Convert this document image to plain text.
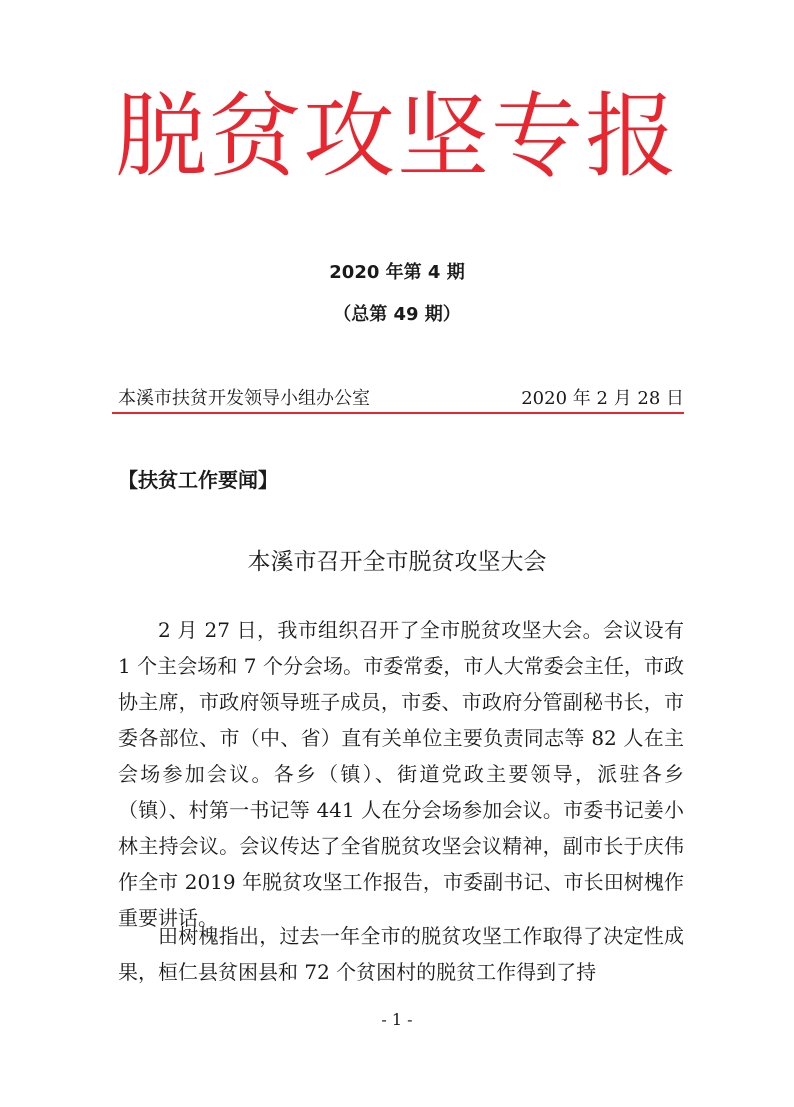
脱贫攻坚专报
2020 年第 4 期
（总第 49 期）
本溪市扶贫开发领导小组办公室	2020 年 2 月 28 日
【扶贫工作要闻】
本溪市召开全市脱贫攻坚大会

2 月 27 日，我市组织召开了全市脱贫攻坚大会。会议设有 1 个主会场和 7 个分会场。市委常委，市人大常委会主任，市政协主席，市政府领导班子成员，市委、市政府分管副秘书长，市委各部位、市（中、省）直有关单位主要负责同志等 82 人在主会场参加会议。各乡（镇）、街道党政主要领导，派驻各乡（镇）、村第一书记等 441 人在分会场参加会议。市委书记姜小林主持会议。会议传达了全省脱贫攻坚会议精神，副市长于庆伟作全市 2019 年脱贫攻坚工作报告，市委副书记、市长田树槐作重要讲话。

田树槐指出，过去一年全市的脱贫攻坚工作取得了决定性成果，桓仁县贫困县和 72 个贫困村的脱贫工作得到了持

- 1 -
